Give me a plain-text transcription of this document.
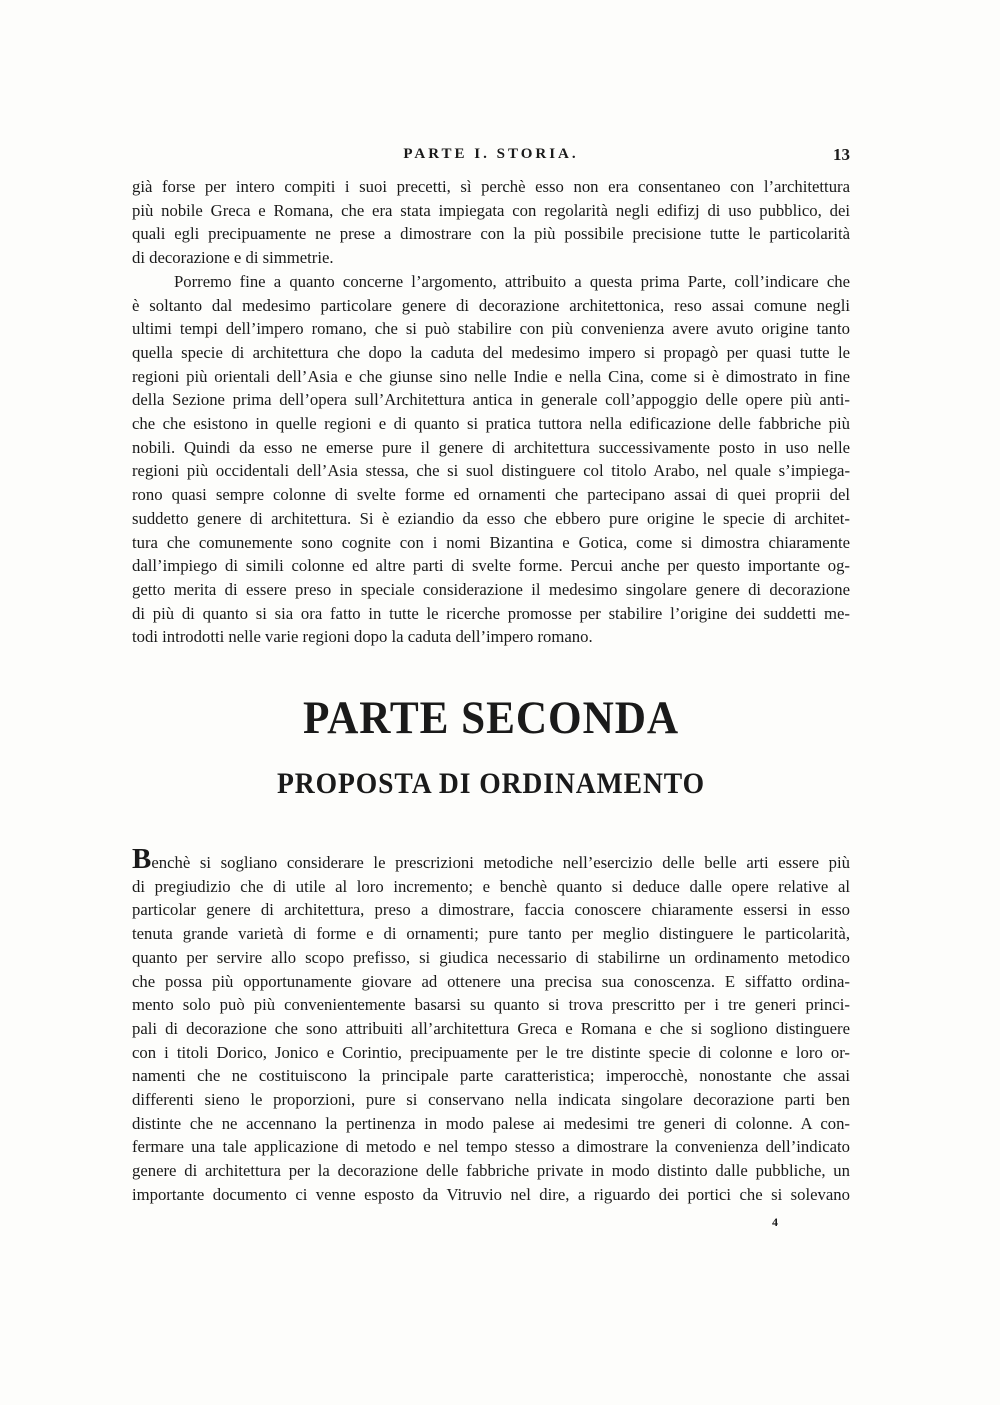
PARTE I. STORIA.	13
già forse per intero compiti i suoi precetti, sì perchè esso non era consentaneo con l’architettura
più nobile Greca e Romana, che era stata impiegata con regolarità negli edifizj di uso pubblico, dei
quali egli precipuamente ne prese a dimostrare con la più possibile precisione tutte le particolarità
di decorazione e di simmetrie.
Porremo fine a quanto concerne l’argomento, attribuito a questa prima Parte, coll’indicare che
è soltanto dal medesimo particolare genere di decorazione architettonica, reso assai comune negli
ultimi tempi dell’impero romano, che si può stabilire con più convenienza avere avuto origine tanto
quella specie di architettura che dopo la caduta del medesimo impero si propagò per quasi tutte le
regioni più orientali dell’Asia e che giunse sino nelle Indie e nella Cina, come si è dimostrato in fine
della Sezione prima dell’opera sull’Architettura antica in generale coll’appoggio delle opere più anti-
che che esistono in quelle regioni e di quanto si pratica tuttora nella edificazione delle fabbriche più
nobili. Quindi da esso ne emerse pure il genere di architettura successivamente posto in uso nelle
regioni più occidentali dell’Asia stessa, che si suol distinguere col titolo Arabo, nel quale s’impiega-
rono quasi sempre colonne di svelte forme ed ornamenti che partecipano assai di quei proprii del
suddetto genere di architettura. Si è eziandio da esso che ebbero pure origine le specie di architet-
tura che comunemente sono cognite con i nomi Bizantina e Gotica, come si dimostra chiaramente
dall’impiego di simili colonne ed altre parti di svelte forme. Percui anche per questo importante og-
getto merita di essere preso in speciale considerazione il medesimo singolare genere di decorazione
di più di quanto si sia ora fatto in tutte le ricerche promosse per stabilire l’origine dei suddetti me-
todi introdotti nelle varie regioni dopo la caduta dell’impero romano.
PARTE SECONDA
PROPOSTA DI ORDINAMENTO
Benchè si sogliano considerare le prescrizioni metodiche nell’esercizio delle belle arti essere più
di pregiudizio che di utile al loro incremento; e benchè quanto si deduce dalle opere relative al
particolar genere di architettura, preso a dimostrare, faccia conoscere chiaramente essersi in esso
tenuta grande varietà di forme e di ornamenti; pure tanto per meglio distinguere le particolarità,
quanto per servire allo scopo prefisso, si giudica necessario di stabilirne un ordinamento metodico
che possa più opportunamente giovare ad ottenere una precisa sua conoscenza. E siffatto ordina-
mento solo può più convenientemente basarsi su quanto si trova prescritto per i tre generi princi-
pali di decorazione che sono attribuiti all’architettura Greca e Romana e che si sogliono distinguere
con i titoli Dorico, Jonico e Corintio, precipuamente per le tre distinte specie di colonne e loro or-
namenti che ne costituiscono la principale parte caratteristica; imperocchè, nonostante che assai
differenti sieno le proporzioni, pure si conservano nella indicata singolare decorazione parti ben
distinte che ne accennano la pertinenza in modo palese ai medesimi tre generi di colonne. A con-
fermare una tale applicazione di metodo e nel tempo stesso a dimostrare la convenienza dell’indicato
genere di architettura per la decorazione delle fabbriche private in modo distinto dalle pubbliche, un
importante documento ci venne esposto da Vitruvio nel dire, a riguardo dei portici che si solevano
4
